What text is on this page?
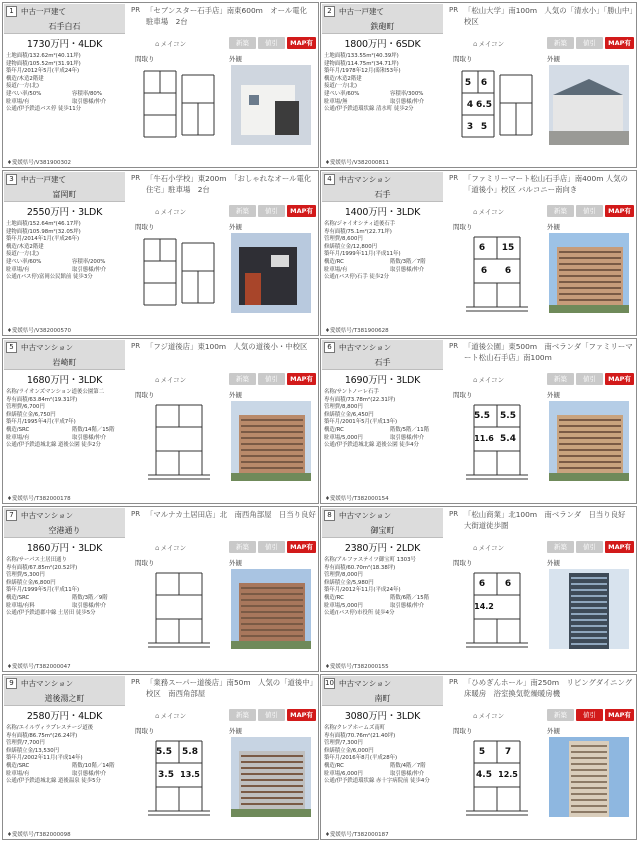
1 中古一戸建て
石手白石
PR 「セブンスター石手店」南東600m　オール電化　駐車場　2台
1730万円・4LDK	⌂ メイコン	新築	値引	MAP有
土地面積/132.62m²(40.11坪)
建物面積/105.52m²(31.91坪)
築年月/2012年5月(平成24年)
構造/木造2階建
接道/一方(北)
建ぺい率/50%	容積率/80%
駐車場/有	取引態様/仲介
公通/伊予鉄道バス停 徒歩11分
間取り	外観
♦愛媛県号/V381900302
2 中古一戸建て
鉄砲町
PR 「松山大学」南100m　人気の「清水小」「勝山中」校区
1800万円・6SDK	⌂ メイコン	新築	値引	MAP有
土地面積/133.55m²(40.39坪)
建物面積/114.75m²(34.71坪)
築年月/1978年12月(昭和53年)
構造/木造2階建
接道/一方(北)
建ぺい率/60%	容積率/300%
駐車場/無	取引態様/仲介
公通/伊予鉄道環状線 清水町 徒歩2分
間取り	外観
5 6
4 6.5
3 5
♦愛媛県号/V382000811
3 中古一戸建て
富岡町
PR 「牛石小学校」東200m　「おしゃれなオール電化住宅」駐車場　2台
2550万円・3LDK	⌂ メイコン	新築	値引	MAP有
土地面積/152.64m²(46.17坪)
建物面積/105.98m²(32.05坪)
築年月/2014年1月(平成26年)
構造/木造2階建
接道/一方(北)
建ぺい率/60%	容積率/200%
駐車場/有	取引態様/仲介
公通/(バス停)富岡公民館前 徒歩3分
間取り	外観
♦愛媛県号/V382000570
4 中古マンション
石手
PR 「ファミリーマート松山石手店」南400m 人気の「道後小」校区 バルコニー南向き
1400万円・3LDK	⌂ メイコン	新築	値引	MAP有
名称/ジャイオシティ道後石手
専有面積/75.1m²(22.71坪)
管理費/8,600円
修繕積立金/12,800円
築年月/1999年11月(平成11年)
構造/RC	階数/3階／7階
駐車場/有	取引態様/仲介
公通/(バス停)石手 徒歩2分
間取り	外観
6 15
6 6
♦愛媛県号/T381900628
5 中古マンション
岩崎町
PR 「フジ道後店」東100m　人気の道後小・中校区
1680万円・3LDK	⌂ メイコン	新築	値引	MAP有
名称/ライオンズマンション道後公園第二
専有面積/63.84m²(19.31坪)
管理費/6,700円
修繕積立金/6,750円
築年月/1995年4月(平成7年)
構造/SRC	階数/14階／15階
駐車場/有	取引態様/仲介
公通/伊予鉄道城北線 道後公園 徒歩2分
間取り	外観
♦愛媛県号/T382000178
6 中古マンション
石手
PR 「道後公園」東500m　南ベランダ「ファミリーマート松山石手店」南100m
1690万円・3LDK	⌂ メイコン	新築	値引	MAP有
名称/サントノーレ石手
専有面積/73.78m²(22.31坪)
管理費/8,800円
修繕積立金/6,450円
築年月/2001年5月(平成13年)
構造/RC	階数/5階／11階
駐車場/5,000円	取引態様/仲介
公通/伊予鉄道城北線 道後公園 徒歩4分
間取り	外観
5.5 5.5
11.6 5.4
♦愛媛県号/T382000154
7 中古マンション
空港通り
PR 「マルナカ土居田店」北　南西角部屋　日当り良好
1860万円・3LDK	⌂ メイコン	新築	値引	MAP有
名称/サーパス土居田通り
専有面積/67.85m²(20.52坪)
管理費/5,300円
修繕積立金/6,800円
築年月/1999年5月(平成11年)
構造/SRC	階数/3階／9階
駐車場/有料	取引態様/仲介
公通/伊予鉄道郡中線 土居田 徒歩5分
間取り	外観
♦愛媛県号/T382000047
8 中古マンション
御宝町
PR 「松山商業」北100m　南ベランダ　日当り良好　大街道徒歩圏
2380万円・2LDK	⌂ メイコン	新築	値引	MAP有
名称/アルファステイツ御宝町 1303号
専有面積/60.70m²(18.38坪)
管理費/8,000円
修繕積立金/5,980円
築年月/2012年11月(平成24年)
構造/RC	階数/6階／15階
駐車場/5,000円	取引態様/仲介
公通/(バス停)市役所 徒歩4分
間取り	外観
6 6
14.2
♦愛媛県号/T382000155
9 中古マンション
道後湯之町
PR 「業務スーパー道後店」南50m　人気の「道後中」校区　南西角部屋
2580万円・4LDK	⌂ メイコン	新築	値引	MAP有
名称/エイルヴィラプレステージ道後
専有面積/86.75m²(26.24坪)
管理費/7,700円
修繕積立金/13,530円
築年月/2002年11月(平成14年)
構造/SRC	階数/10階／14階
駐車場/有	取引態様/仲介
公通/伊予鉄道城北線 道後温泉 徒歩5分
間取り	外観
5.5 5.8
3.5 13.5
♦愛媛県号/T382000098
10 中古マンション
南町
PR 「ひめぎんホール」南250m　リビングダイニング床暖房　浴室換気乾燥暖房機
3080万円・3LDK	⌂ メイコン	新築	値引	MAP有
名称/クレアホームズ南町
専有面積/70.76m²(21.40坪)
管理費/7,300円
修繕積立金/6,000円
築年月/2016年8月(平成28年)
構造/RC	階数/4階／7階
駐車場/6,000円	取引態様/仲介
公通/伊予鉄道環状線 赤十字病院前 徒歩4分
間取り	外観
5 7
4.5 12.5
♦愛媛県号/T382000187
